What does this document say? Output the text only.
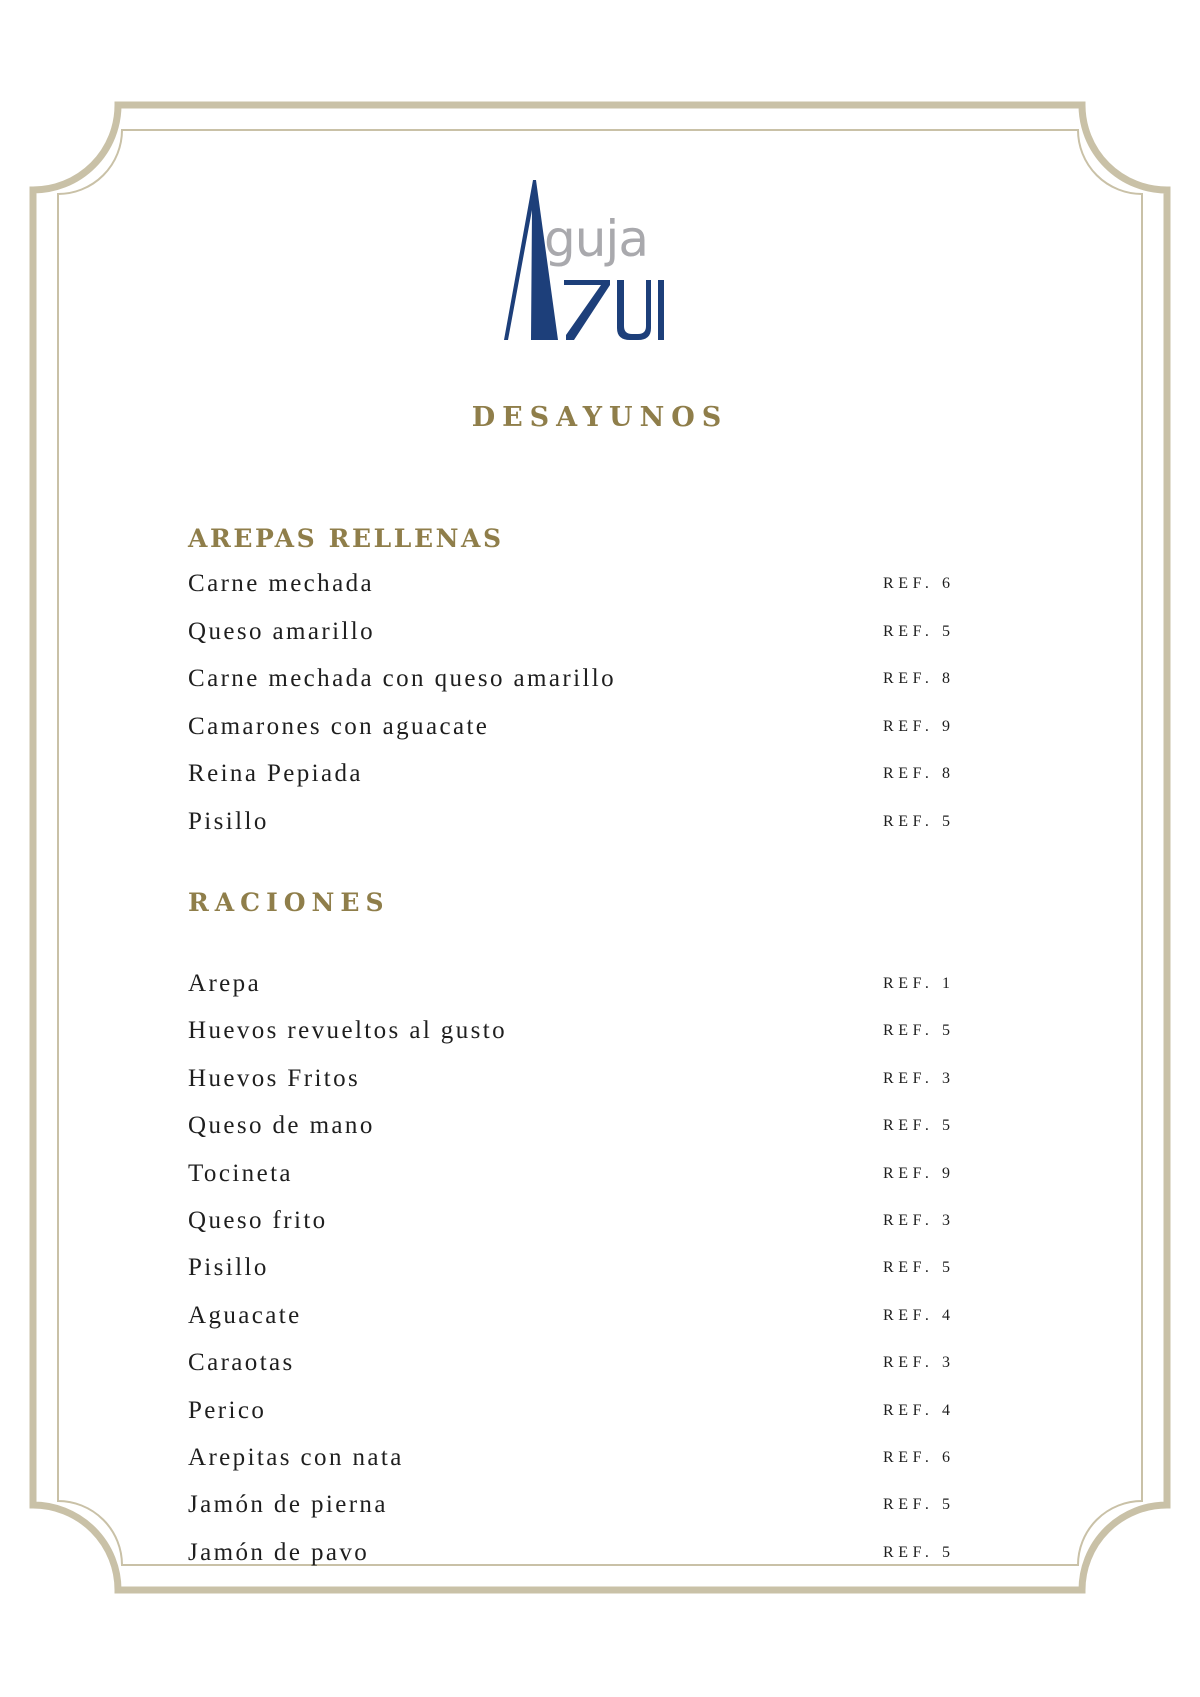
guja
DESAYUNOS
AREPAS RELLENAS
Carne mechada	REF. 6
Queso amarillo	REF. 5
Carne mechada con queso amarillo	REF. 8
Camarones con aguacate	REF. 9
Reina Pepiada	REF. 8
Pisillo	REF. 5
RACIONES
Arepa	REF. 1
Huevos revueltos al gusto	REF. 5
Huevos Fritos	REF. 3
Queso de mano	REF. 5
Tocineta	REF. 9
Queso frito	REF. 3
Pisillo	REF. 5
Aguacate	REF. 4
Caraotas	REF. 3
Perico	REF. 4
Arepitas con nata	REF. 6
Jamón de pierna	REF. 5
Jamón de pavo	REF. 5
